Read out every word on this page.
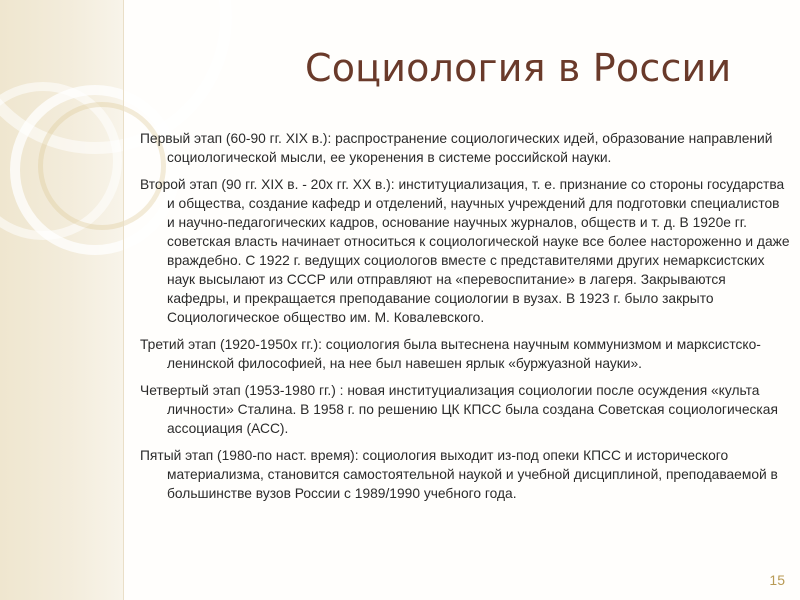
Социология в России

Первый этап (60-90 гг. XIX в.): распространение социологических идей, образование направлений социологической мысли, ее укоренения в системе российской науки.

Второй этап (90 гг. XIX в. - 20х гг. XX в.): институциализация, т. е. признание со стороны государства и общества, создание кафедр и отделений, научных учреждений для подготовки специалистов и научно-педагогических кадров, основание научных журналов, обществ и т. д. В 1920е гг. советская власть начинает относиться к социологической науке все более настороженно и даже враждебно. С 1922 г. ведущих социологов вместе с представителями других немарксистских наук высылают из СССР или отправляют на «перевоспитание» в лагеря. Закрываются кафедры, и прекращается преподавание социологии в вузах. В 1923 г. было закрыто Социологическое общество им. М. Ковалевского.

Третий этап (1920-1950х гг.): социология была вытеснена научным коммунизмом и марксистско-ленинской философией, на нее был навешен ярлык «буржуазной науки».

Четвертый этап (1953-1980 гг.) : новая институциализация социологии после осуждения «культа личности» Сталина. В 1958 г. по решению ЦК КПСС была создана Советская социологическая ассоциация (АСС).

Пятый этап (1980-по наст. время): социология выходит из-под опеки КПСС и исторического материализма, становится самостоятельной наукой и учебной дисциплиной, преподаваемой в большинстве вузов России с 1989/1990 учебного года.

15
